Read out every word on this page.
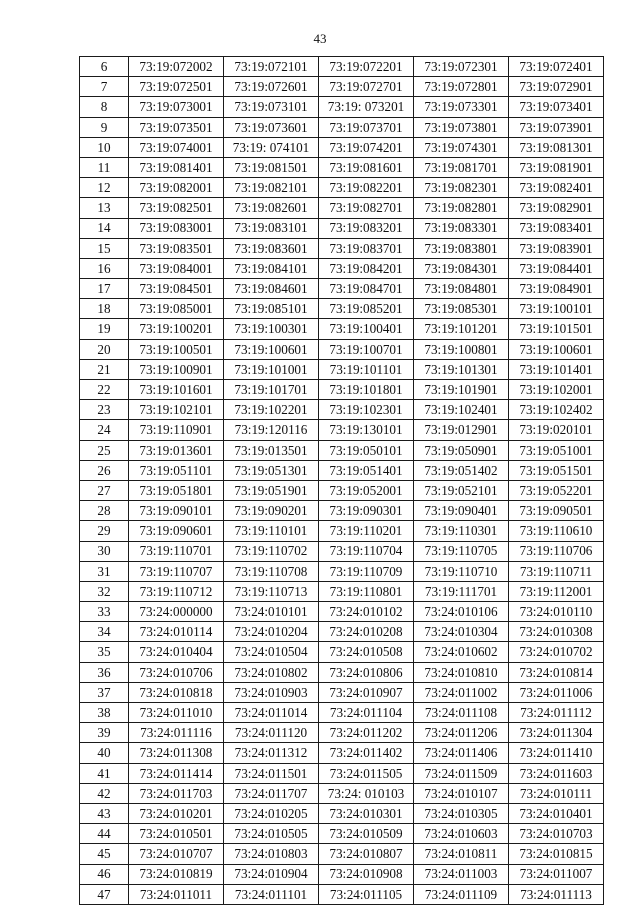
43
6	73:19:072002	73:19:072101	73:19:072201	73:19:072301	73:19:072401
7	73:19:072501	73:19:072601	73:19:072701	73:19:072801	73:19:072901
8	73:19:073001	73:19:073101	73:19: 073201	73:19:073301	73:19:073401
9	73:19:073501	73:19:073601	73:19:073701	73:19:073801	73:19:073901
10	73:19:074001	73:19: 074101	73:19:074201	73:19:074301	73:19:081301
11	73:19:081401	73:19:081501	73:19:081601	73:19:081701	73:19:081901
12	73:19:082001	73:19:082101	73:19:082201	73:19:082301	73:19:082401
13	73:19:082501	73:19:082601	73:19:082701	73:19:082801	73:19:082901
14	73:19:083001	73:19:083101	73:19:083201	73:19:083301	73:19:083401
15	73:19:083501	73:19:083601	73:19:083701	73:19:083801	73:19:083901
16	73:19:084001	73:19:084101	73:19:084201	73:19:084301	73:19:084401
17	73:19:084501	73:19:084601	73:19:084701	73:19:084801	73:19:084901
18	73:19:085001	73:19:085101	73:19:085201	73:19:085301	73:19:100101
19	73:19:100201	73:19:100301	73:19:100401	73:19:101201	73:19:101501
20	73:19:100501	73:19:100601	73:19:100701	73:19:100801	73:19:100601
21	73:19:100901	73:19:101001	73:19:101101	73:19:101301	73:19:101401
22	73:19:101601	73:19:101701	73:19:101801	73:19:101901	73:19:102001
23	73:19:102101	73:19:102201	73:19:102301	73:19:102401	73:19:102402
24	73:19:110901	73:19:120116	73:19:130101	73:19:012901	73:19:020101
25	73:19:013601	73:19:013501	73:19:050101	73:19:050901	73:19:051001
26	73:19:051101	73:19:051301	73:19:051401	73:19:051402	73:19:051501
27	73:19:051801	73:19:051901	73:19:052001	73:19:052101	73:19:052201
28	73:19:090101	73:19:090201	73:19:090301	73:19:090401	73:19:090501
29	73:19:090601	73:19:110101	73:19:110201	73:19:110301	73:19:110610
30	73:19:110701	73:19:110702	73:19:110704	73:19:110705	73:19:110706
31	73:19:110707	73:19:110708	73:19:110709	73:19:110710	73:19:110711
32	73:19:110712	73:19:110713	73:19:110801	73:19:111701	73:19:112001
33	73:24:000000	73:24:010101	73:24:010102	73:24:010106	73:24:010110
34	73:24:010114	73:24:010204	73:24:010208	73:24:010304	73:24:010308
35	73:24:010404	73:24:010504	73:24:010508	73:24:010602	73:24:010702
36	73:24:010706	73:24:010802	73:24:010806	73:24:010810	73:24:010814
37	73:24:010818	73:24:010903	73:24:010907	73:24:011002	73:24:011006
38	73:24:011010	73:24:011014	73:24:011104	73:24:011108	73:24:011112
39	73:24:011116	73:24:011120	73:24:011202	73:24:011206	73:24:011304
40	73:24:011308	73:24:011312	73:24:011402	73:24:011406	73:24:011410
41	73:24:011414	73:24:011501	73:24:011505	73:24:011509	73:24:011603
42	73:24:011703	73:24:011707	73:24: 010103	73:24:010107	73:24:010111
43	73:24:010201	73:24:010205	73:24:010301	73:24:010305	73:24:010401
44	73:24:010501	73:24:010505	73:24:010509	73:24:010603	73:24:010703
45	73:24:010707	73:24:010803	73:24:010807	73:24:010811	73:24:010815
46	73:24:010819	73:24:010904	73:24:010908	73:24:011003	73:24:011007
47	73:24:011011	73:24:011101	73:24:011105	73:24:011109	73:24:011113
